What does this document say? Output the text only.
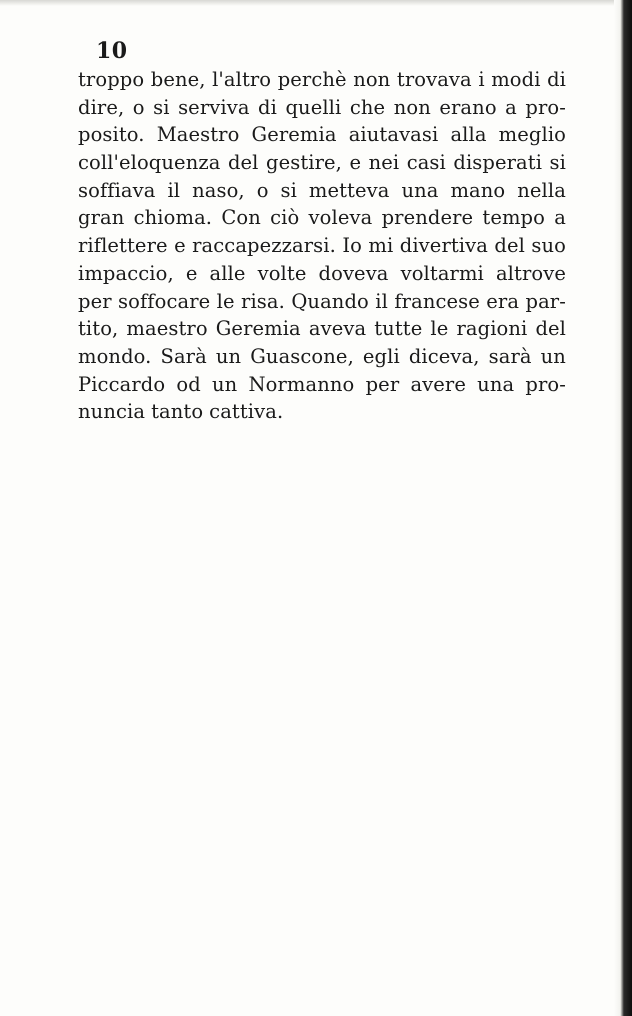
10
troppo bene, l'altro perchè non trovava i modi di
dire, o si serviva di quelli che non erano a pro-
posito. Maestro Geremia aiutavasi alla meglio
coll'eloquenza del gestire, e nei casi disperati si
soffiava il naso, o si metteva una mano nella
gran chioma. Con ciò voleva prendere tempo a
riflettere e raccapezzarsi. Io mi divertiva del suo
impaccio, e alle volte doveva voltarmi altrove
per soffocare le risa. Quando il francese era par-
tito, maestro Geremia aveva tutte le ragioni del
mondo. Sarà un Guascone, egli diceva, sarà un
Piccardo od un Normanno per avere una pro-
nuncia tanto cattiva.
